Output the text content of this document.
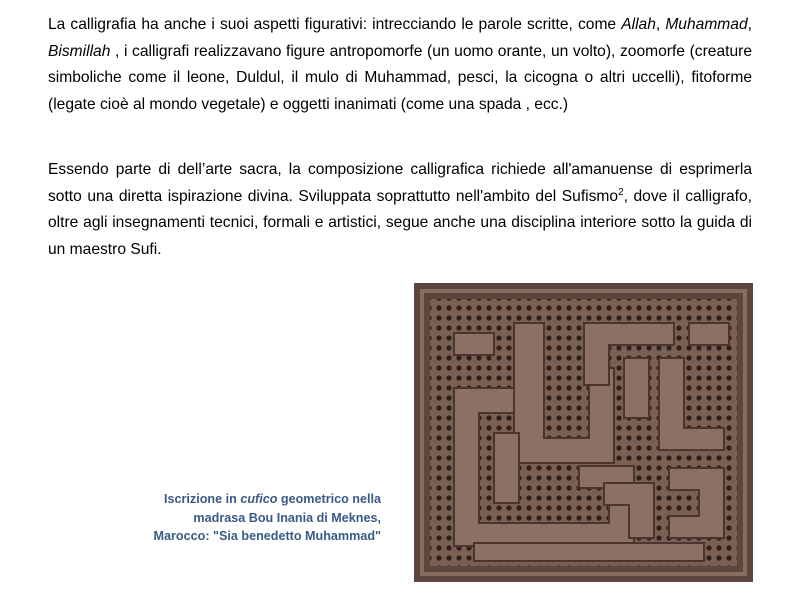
La calligrafia ha anche i suoi aspetti figurativi: intrecciando le parole scritte, come Allah, Muhammad, Bismillah , i calligrafi realizzavano figure antropomorfe (un uomo orante, un volto), zoomorfe (creature simboliche come il leone, Duldul, il mulo di Muhammad, pesci, la cicogna o altri uccelli), fitoforme (legate cioè al mondo vegetale) e oggetti inanimati (come una spada , ecc.)

Essendo parte di dell’arte sacra, la composizione calligrafica richiede all'amanuense di esprimerla sotto una diretta ispirazione divina. Sviluppata soprattutto nell'ambito del Sufismo$^2$, dove il calligrafo, oltre agli insegnamenti tecnici, formali e artistici, segue anche una disciplina interiore sotto la guida di un maestro Sufi.

Iscrizione in cufico geometrico nella madrasa Bou Inania di Meknes, Marocco: "Sia benedetto Muhammad"
